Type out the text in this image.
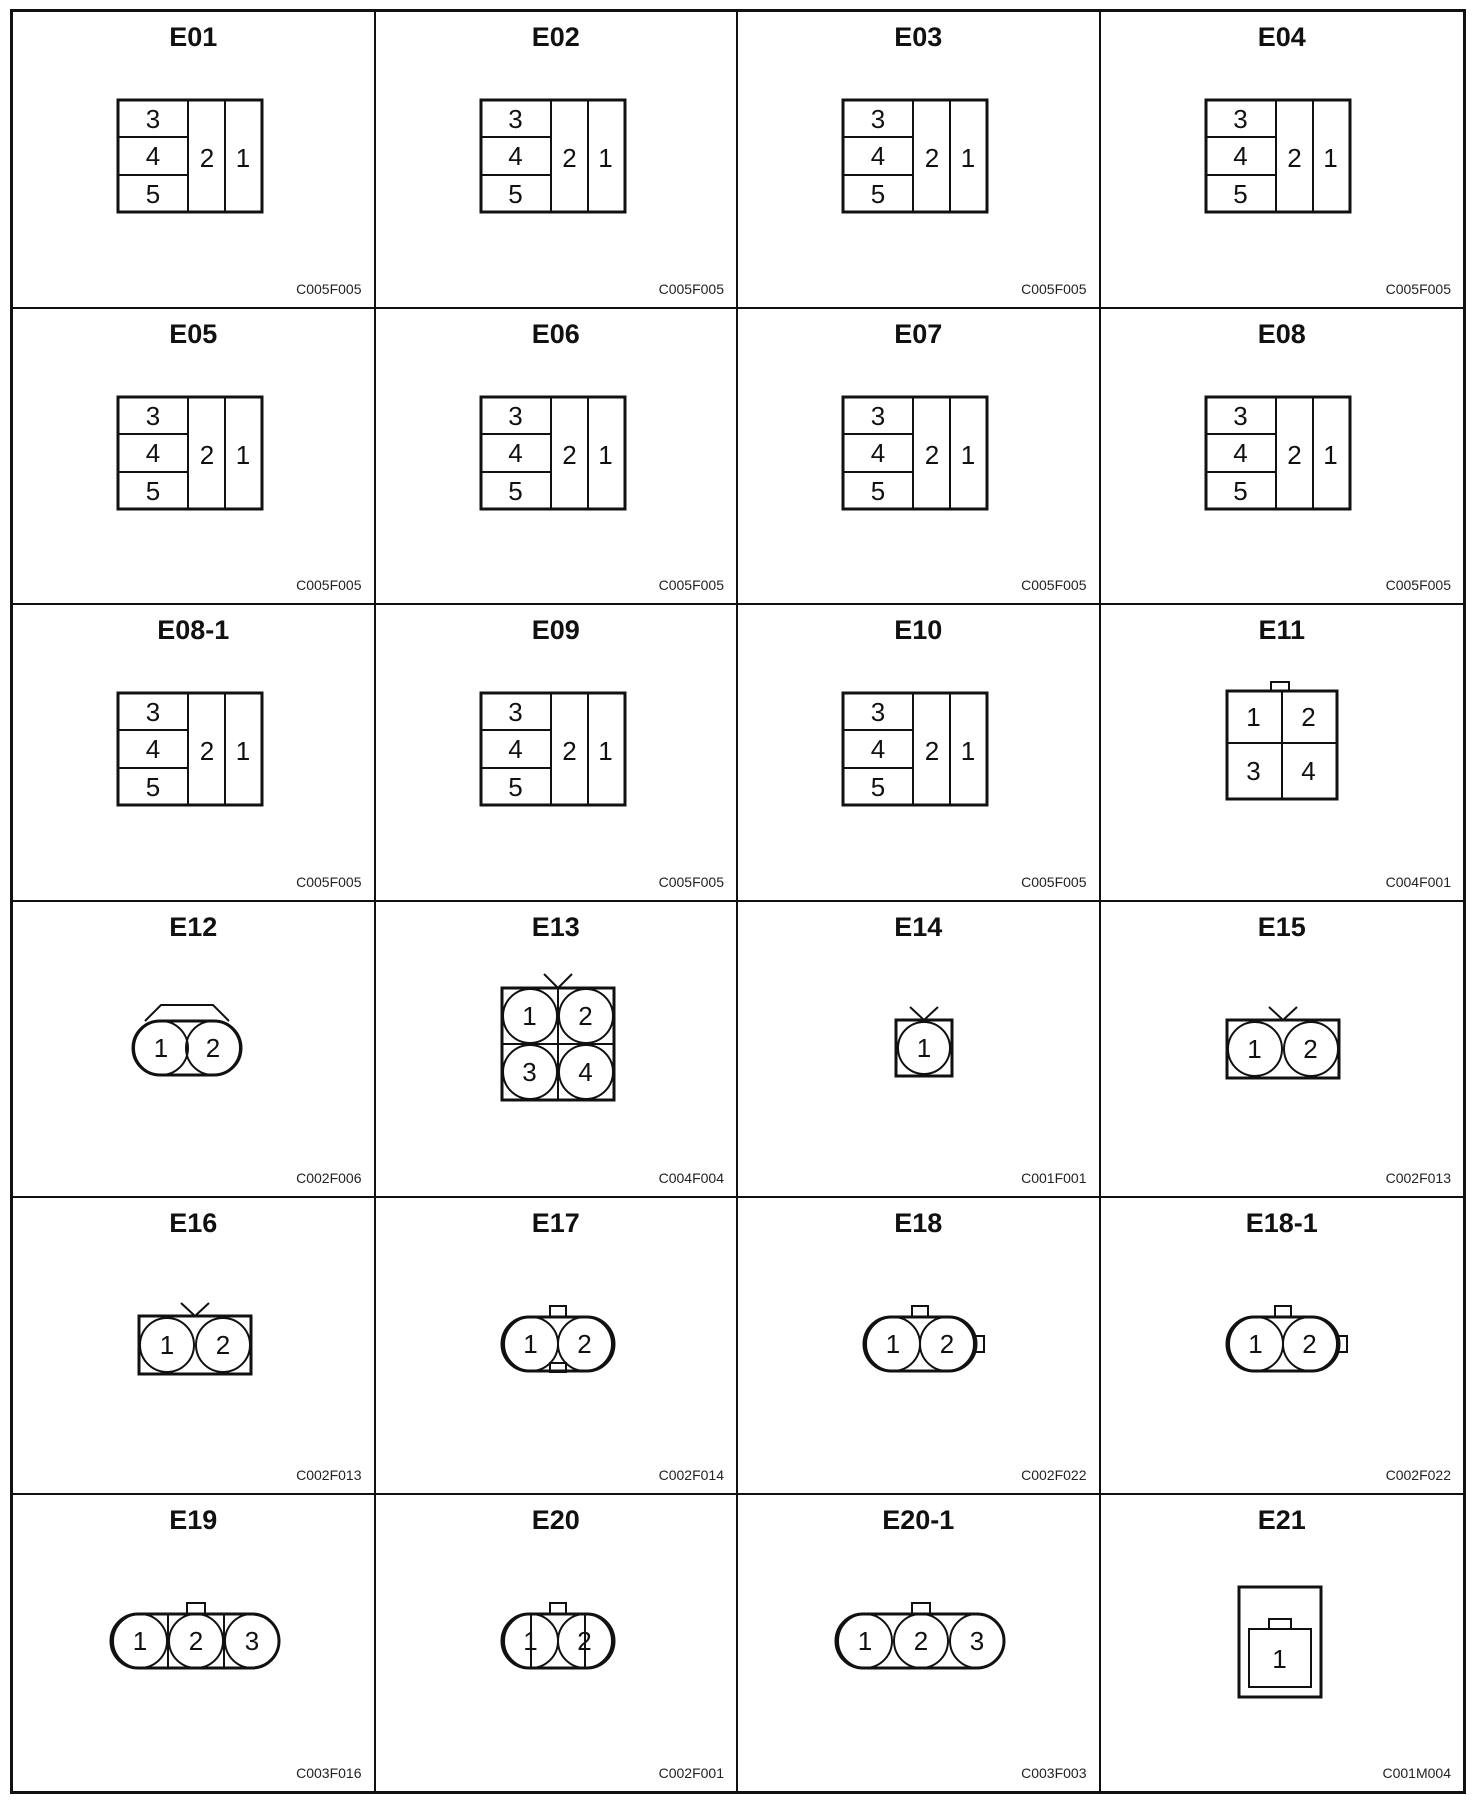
E01
C005F005
3
4
5
2 1
E02
C005F005
3
4
5
2 1
E03
C005F005
3
4
5
2 1
E04
C005F005
3
4
5
2 1
E05
C005F005
3
4
5
2 1
E06
C005F005
3
4
5
2 1
E07
C005F005
3
4
5
2 1
E08
C005F005
3
4
5
2 1
E08-1
C005F005
3
4
5
2 1
E09
C005F005
3
4
5
2 1
E10
C005F005
3
4
5
2 1
E11
C004F001
1 2
3 4
E12
C002F006
1 2
E13
C004F004
1 2
3 4
E14
C001F001
1
E15
C002F013
1 2
E16
C002F013
1 2
E17
C002F014
1 2
E18
C002F022
1 2
E18-1
C002F022
1 2
E19
C003F016
1 2 3
E20
C002F001
1 2
E20-1
C003F003
1 2 3
E21
C001M004
1
